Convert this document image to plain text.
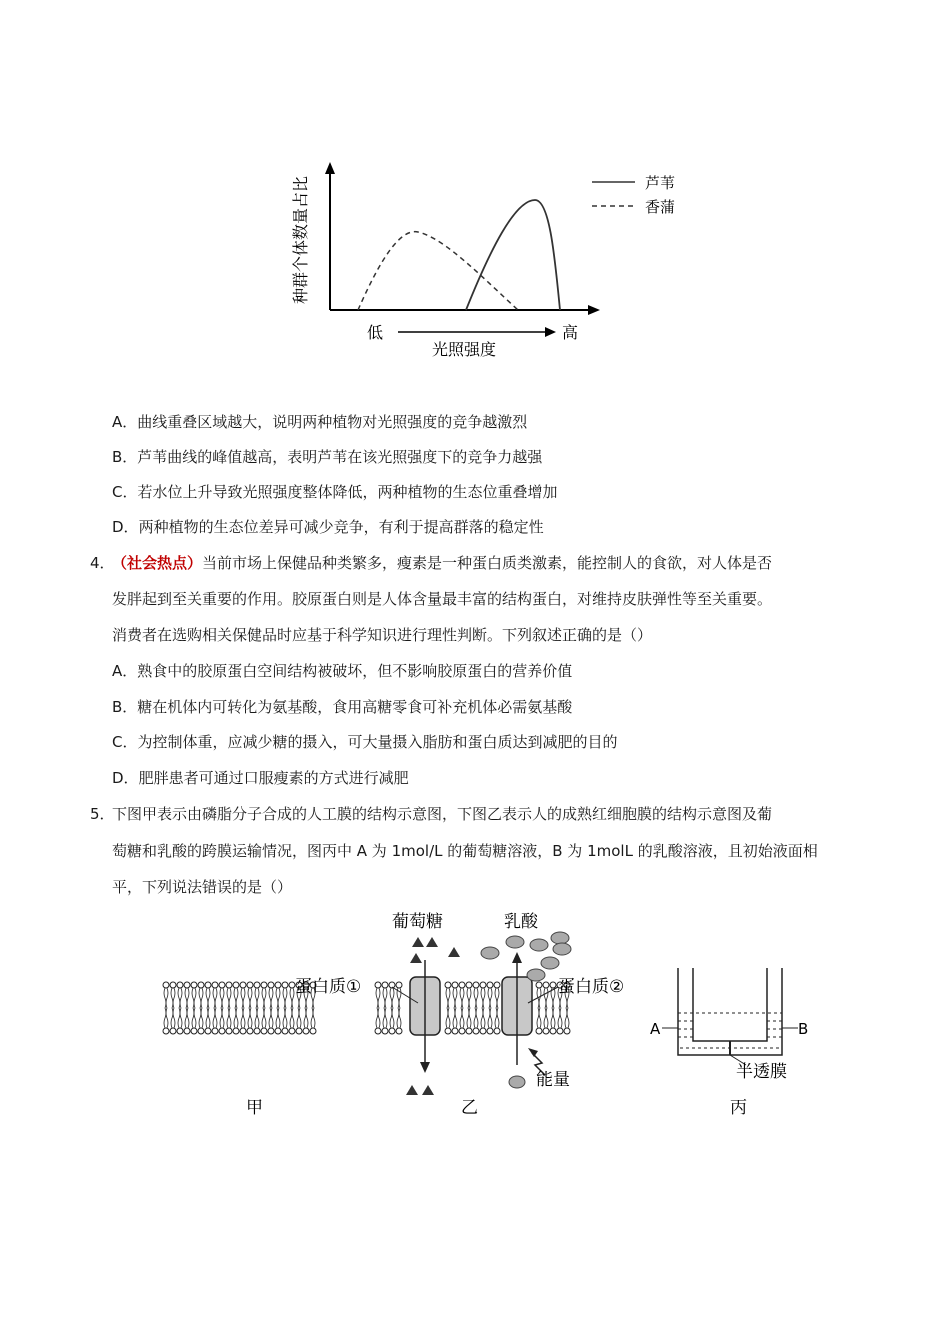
种群个体数量占比	芦苇
香蒲
低	高
光照强度
A．曲线重叠区域越大，说明两种植物对光照强度的竞争越激烈
B．芦苇曲线的峰值越高，表明芦苇在该光照强度下的竞争力越强
C．若水位上升导致光照强度整体降低，两种植物的生态位重叠增加
D．两种植物的生态位差异可减少竞争，有利于提高群落的稳定性
4．
（社会热点）当前市场上保健品种类繁多，瘦素是一种蛋白质类激素，能控制人的食欲，对人体是否
发胖起到至关重要的作用。胶原蛋白则是人体含量最丰富的结构蛋白，对维持皮肤弹性等至关重要。
消费者在选购相关保健品时应基于科学知识进行理性判断。下列叙述正确的是（）
A．熟食中的胶原蛋白空间结构被破坏，但不影响胶原蛋白的营养价值
B．糖在机体内可转化为氨基酸，食用高糖零食可补充机体必需氨基酸
C．为控制体重，应减少糖的摄入，可大量摄入脂肪和蛋白质达到减肥的目的
D．肥胖患者可通过口服瘦素的方式进行减肥
5．
下图甲表示由磷脂分子合成的人工膜的结构示意图，下图乙表示人的成熟红细胞膜的结构示意图及葡
萄糖和乳酸的跨膜运输情况，图丙中 A 为 1mol/L 的葡萄糖溶液，B 为 1molL 的乳酸溶液，且初始液面相
平，下列说法错误的是（）
葡萄糖	乳酸
蛋白质①	蛋白质②
能量
A	B
半透膜
甲	乙	丙
